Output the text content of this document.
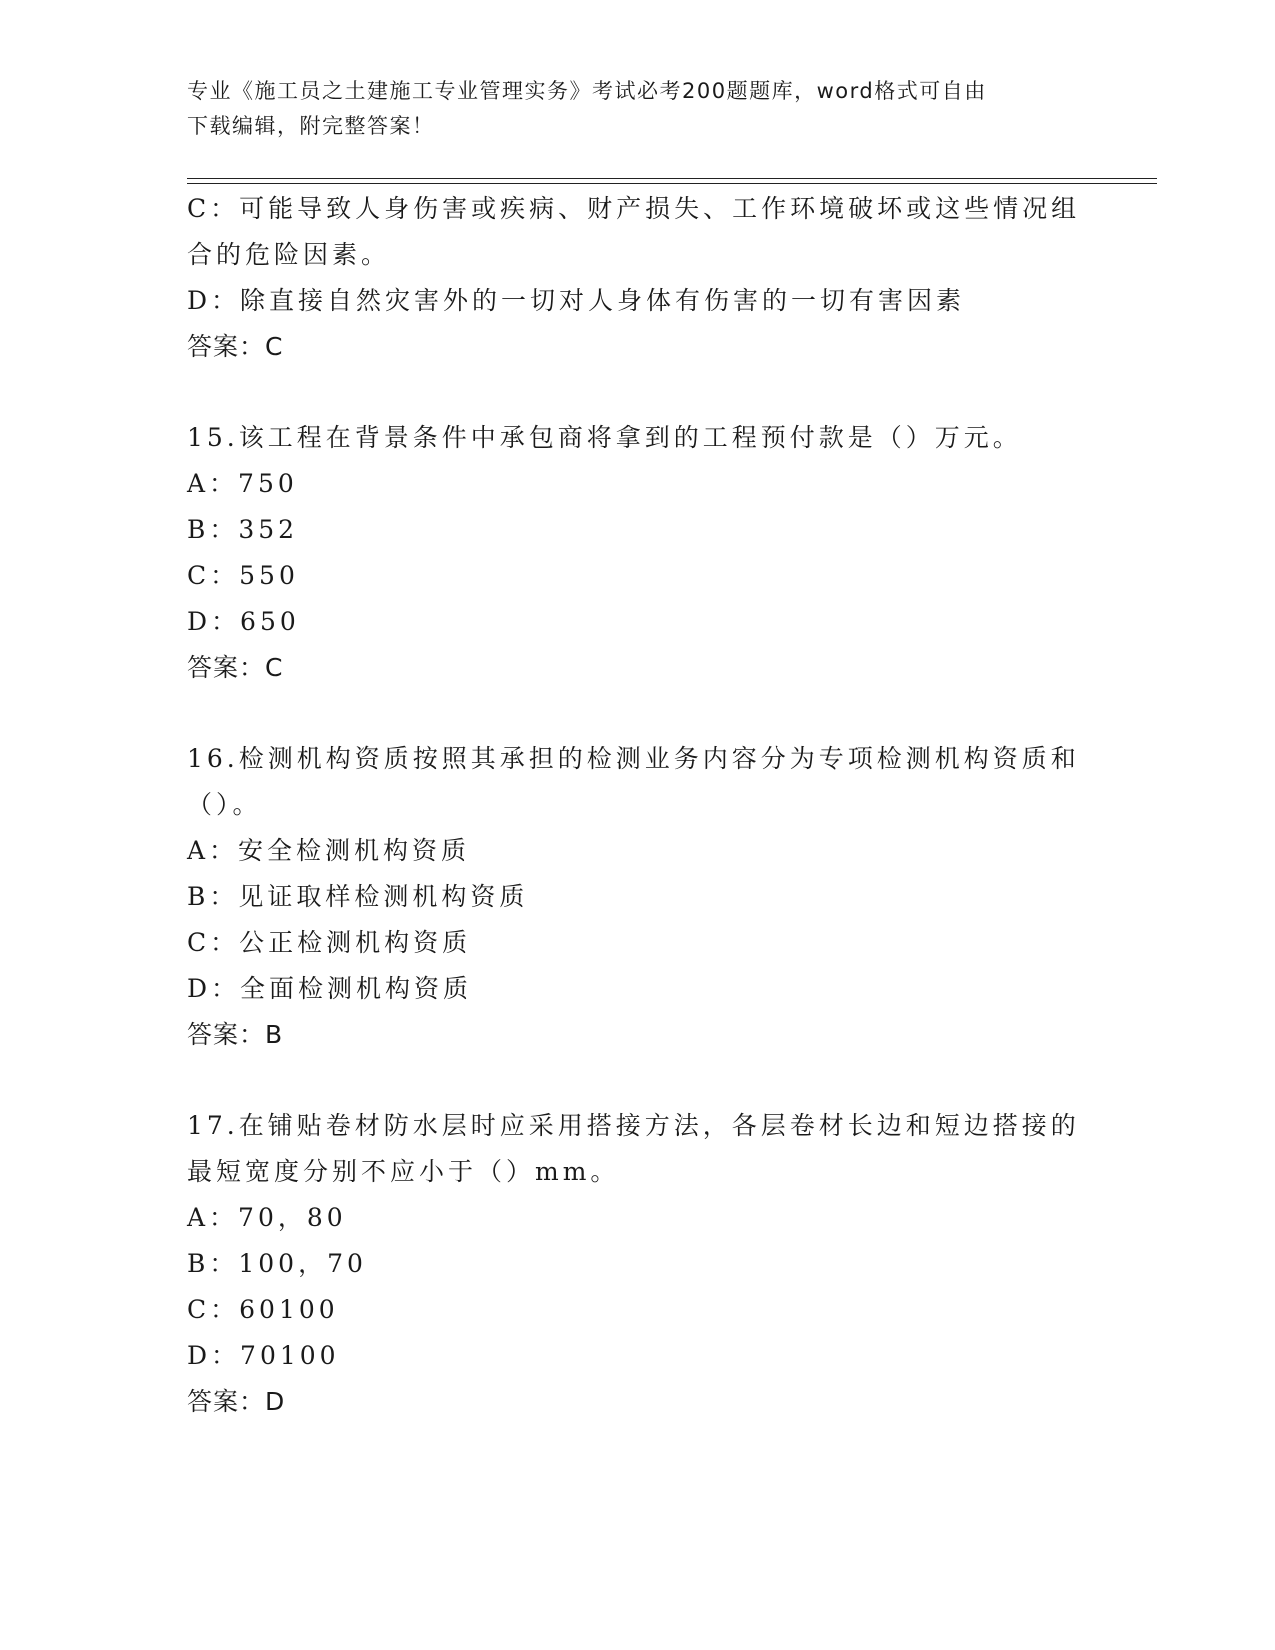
专业《施工员之土建施工专业管理实务》考试必考200题题库，word格式可自由
下载编辑，附完整答案！
C：可能导致人身伤害或疾病、财产损失、工作环境破坏或这些情况组
合的危险因素。
D：除直接自然灾害外的一切对人身体有伤害的一切有害因素
答案：C
15.该工程在背景条件中承包商将拿到的工程预付款是（）万元。
A：750
B：352
C：550
D：650
答案：C
16.检测机构资质按照其承担的检测业务内容分为专项检测机构资质和
（）。
A：安全检测机构资质
B：见证取样检测机构资质
C：公正检测机构资质
D：全面检测机构资质
答案：B
17.在铺贴卷材防水层时应采用搭接方法，各层卷材长边和短边搭接的
最短宽度分别不应小于（）mm。
A：70，80
B：100，70
C：60100
D：70100
答案：D
